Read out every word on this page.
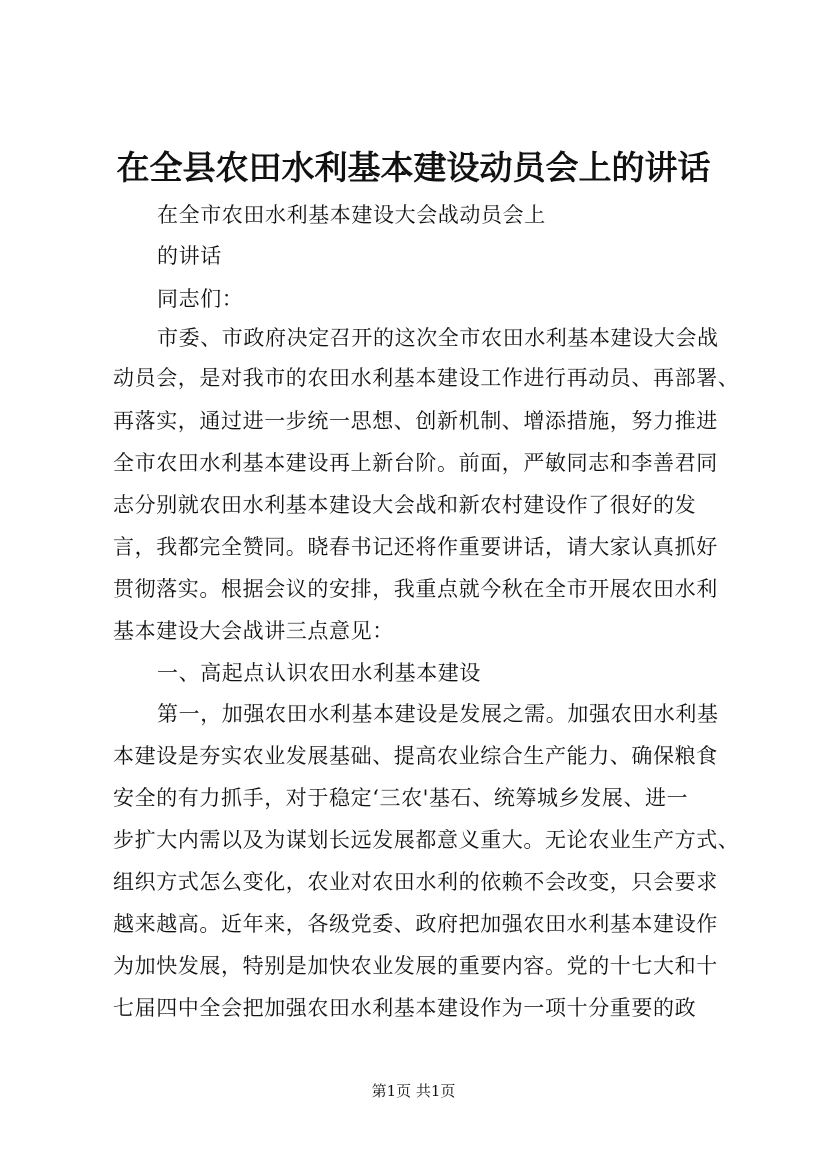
在全县农田水利基本建设动员会上的讲话
在全市农田水利基本建设大会战动员会上
的讲话
同志们：
市委、市政府决定召开的这次全市农田水利基本建设大会战
动员会，是对我市的农田水利基本建设工作进行再动员、再部署、
再落实，通过进一步统一思想、创新机制、增添措施，努力推进
全市农田水利基本建设再上新台阶。前面，严敏同志和李善君同
志分别就农田水利基本建设大会战和新农村建设作了很好的发
言，我都完全赞同。晓春书记还将作重要讲话，请大家认真抓好
贯彻落实。根据会议的安排，我重点就今秋在全市开展农田水利
基本建设大会战讲三点意见：
一、高起点认识农田水利基本建设
第一，加强农田水利基本建设是发展之需。加强农田水利基
本建设是夯实农业发展基础、提高农业综合生产能力、确保粮食
安全的有力抓手，对于稳定‘三农'基石、统筹城乡发展、进一
步扩大内需以及为谋划长远发展都意义重大。无论农业生产方式、
组织方式怎么变化，农业对农田水利的依赖不会改变，只会要求
越来越高。近年来，各级党委、政府把加强农田水利基本建设作
为加快发展，特别是加快农业发展的重要内容。党的十七大和十
七届四中全会把加强农田水利基本建设作为一项十分重要的政
第1页 共1页
